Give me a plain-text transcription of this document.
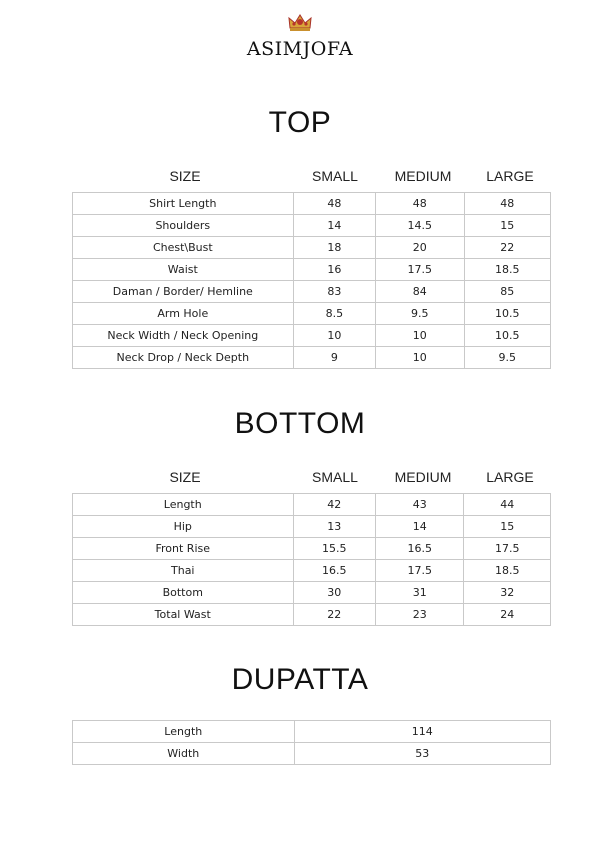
ASIMJOFA
TOP
SIZE	SMALL	MEDIUM	LARGE
Shirt Length	48	48	48
Shoulders	14	14.5	15
Chest\Bust	18	20	22
Waist	16	17.5	18.5
Daman / Border/ Hemline	83	84	85
Arm Hole	8.5	9.5	10.5
Neck Width / Neck Opening	10	10	10.5
Neck Drop / Neck Depth	9	10	9.5
BOTTOM
SIZE	SMALL	MEDIUM	LARGE
Length	42	43	44
Hip	13	14	15
Front Rise	15.5	16.5	17.5
Thai	16.5	17.5	18.5
Bottom	30	31	32
Total Wast	22	23	24
DUPATTA
Length	114
Width	53
